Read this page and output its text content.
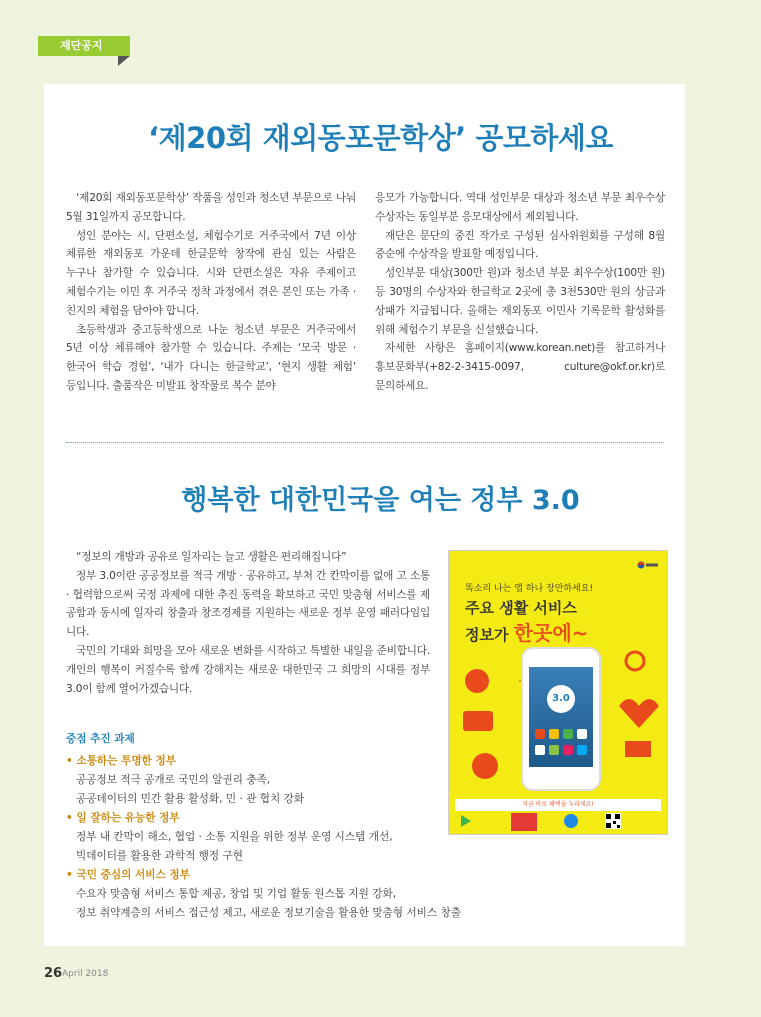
재단공지
‘제20회 재외동포문학상’ 공모하세요

‘제20회 재외동포문학상’ 작품을 성인과 청소년 부문으로 나눠 5월 31일까지 공모합니다.

성인 분야는 시, 단편소설, 체험수기로 거주국에서 7년 이상 체류한 재외동포 가운데 한글문학 창작에 관심 있는 사람은 누구나 참가할 수 있습니다. 시와 단편소설은 자유 주제이고 체험수기는 이민 후 거주국 정착 과정에서 겪은 본인 또는 가족 · 친지의 체험을 담아야 합니다.

초등학생과 중고등학생으로 나눈 청소년 부문은 거주국에서 5년 이상 체류해야 참가할 수 있습니다. 주제는 ‘모국 방문 · 한국어 학습 경험’, ‘내가 다니는 한글학교’, ‘현지 생활 체험’ 등입니다. 출품작은 미발표 창작물로 복수 분야

응모가 가능합니다. 역대 성인부문 대상과 청소년 부문 최우수상 수상자는 동일부분 응모대상에서 제외됩니다.

재단은 문단의 중진 작가로 구성된 심사위원회를 구성해 8월 중순에 수상작을 발표할 예정입니다.

성인부문 대상(300만 원)과 청소년 부문 최우수상(100만 원) 등 30명의 수상자와 한글학교 2곳에 총 3천530만 원의 상금과 상패가 지급됩니다. 올해는 재외동포 이민사 기록문학 활성화를 위해 체험수기 부문을 신설했습니다.

자세한 사항은 홈페이지(www.korean.net)를 참고하거나 홍보문화부(+82-2-3415-0097, culture@okf.or.kr)로 문의하세요.

행복한 대한민국을 여는 정부 3.0

“정보의 개방과 공유로 일자리는 늘고 생활은 편리해집니다”

정부 3.0이란 공공정보를 적극 개방 · 공유하고, 부처 간 칸막이를 없애 고 소통 · 협력함으로써 국정 과제에 대한 추진 동력을 확보하고 국민 맞춤형 서비스를 제공함과 동시에 일자리 창출과 창조경제를 지원하는 새로운 정부 운영 패러다임입니다.

국민의 기대와 희망을 모아 새로운 변화를 시작하고 특별한 내일을 준비합니다. 개인의 행복이 커질수록 함께 강해지는 새로운 대한민국 그 희망의 시대를 정부 3.0이 함께 열어가겠습니다.

중점 추진 과제
• 소통하는 투명한 정부
공공정보 적극 공개로 국민의 알권리 충족,
공공데이터의 민간 활용 활성화, 민 · 관 협치 강화
• 일 잘하는 유능한 정부
정부 내 칸막이 해소, 협업 · 소통 지원을 위한 정부 운영 시스템 개선,
빅데이터를 활용한 과학적 행정 구현
• 국민 중심의 서비스 정부
수요자 맞춤형 서비스 통합 제공, 창업 및 기업 활동 원스톱 지원 강화,
정보 취약계층의 서비스 접근성 제고, 새로운 정보기술을 활용한 맞춤형 서비스 창출
똑소리 나는 앱 하나 장만하세요!
주요 생활 서비스
정보가 한곳에~
3.0
지금 바로 혜택을 누리세요!
26 April 2018
